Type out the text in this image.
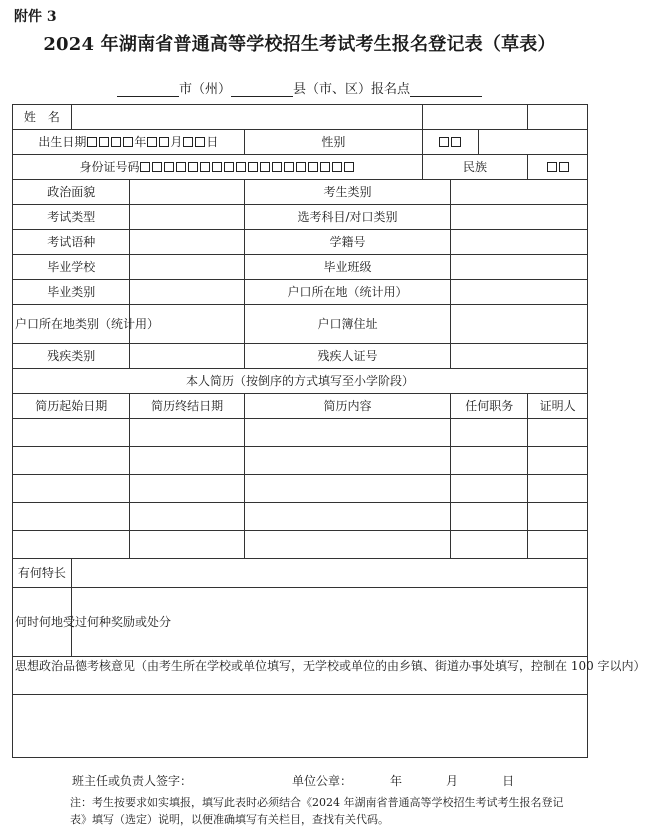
附件 3
2024 年湖南省普通高等学校招生考试考生报名登记表（草表）
市（州）	县（市、区）报名点
姓　名							
出生日期 年 月 日			性别				
身份证号码				民族			
政治面貌			考生类别				
考试类型			选考科目/对口类别				
考试语种			学籍号				
毕业学校			毕业班级				
毕业类别			户口所在地（统计用）				
户口所在地类别（统计用）			户口簿住址				
残疾类别			残疾人证号				
本人简历（按倒序的方式填写至小学阶段）							
简历起始日期		简历终结日期	简历内容		任何职务		证明人

有何特长							
何时何地受过何种奖励或处分							
思想政治品德考核意见（由考生所在学校或单位填写，无学校或单位的由乡镇、街道办事处填写，控制在 100 字以内）							

班主任或负责人签字：	单位公章：	年	月	日
注：考生按要求如实填报，填写此表时必须结合《2024 年湖南省普通高等学校招生考试考生报名登记表》填写（选定）说明，以便准确填写有关栏目，查找有关代码。
